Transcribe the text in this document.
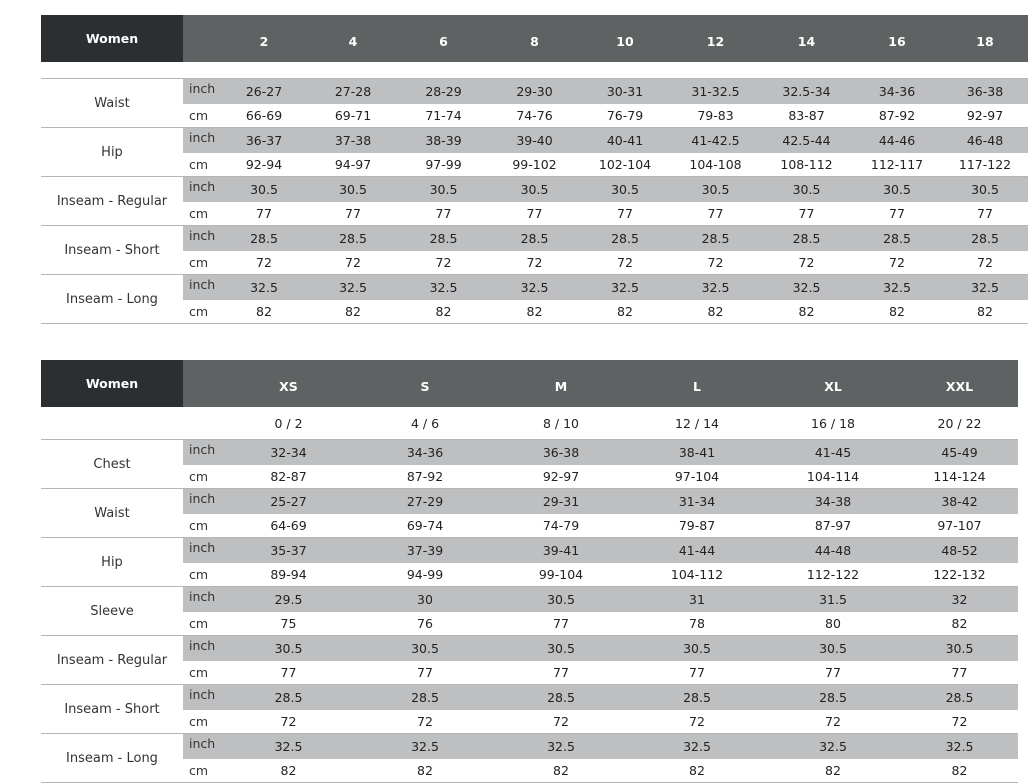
Women		2	4	6	8	10	12	14	16	18

Waist	inch	26-27	27-28	28-29	29-30	30-31	31-32.5	32.5-34	34-36	36-38
	cm	66-69	69-71	71-74	74-76	76-79	79-83	83-87	87-92	92-97
Hip	inch	36-37	37-38	38-39	39-40	40-41	41-42.5	42.5-44	44-46	46-48
	cm	92-94	94-97	97-99	99-102	102-104	104-108	108-112	112-117	117-122
Inseam - Regular	inch	30.5	30.5	30.5	30.5	30.5	30.5	30.5	30.5	30.5
	cm	77	77	77	77	77	77	77	77	77
Inseam - Short	inch	28.5	28.5	28.5	28.5	28.5	28.5	28.5	28.5	28.5
	cm	72	72	72	72	72	72	72	72	72
Inseam - Long	inch	32.5	32.5	32.5	32.5	32.5	32.5	32.5	32.5	32.5
	cm	82	82	82	82	82	82	82	82	82
Women		XS	S	M	L	XL	XXL
		0 / 2	4 / 6	8 / 10	12 / 14	16 / 18	20 / 22
Chest	inch	32-34	34-36	36-38	38-41	41-45	45-49
	cm	82-87	87-92	92-97	97-104	104-114	114-124
Waist	inch	25-27	27-29	29-31	31-34	34-38	38-42
	cm	64-69	69-74	74-79	79-87	87-97	97-107
Hip	inch	35-37	37-39	39-41	41-44	44-48	48-52
	cm	89-94	94-99	99-104	104-112	112-122	122-132
Sleeve	inch	29.5	30	30.5	31	31.5	32
	cm	75	76	77	78	80	82
Inseam - Regular	inch	30.5	30.5	30.5	30.5	30.5	30.5
	cm	77	77	77	77	77	77
Inseam - Short	inch	28.5	28.5	28.5	28.5	28.5	28.5
	cm	72	72	72	72	72	72
Inseam - Long	inch	32.5	32.5	32.5	32.5	32.5	32.5
	cm	82	82	82	82	82	82
